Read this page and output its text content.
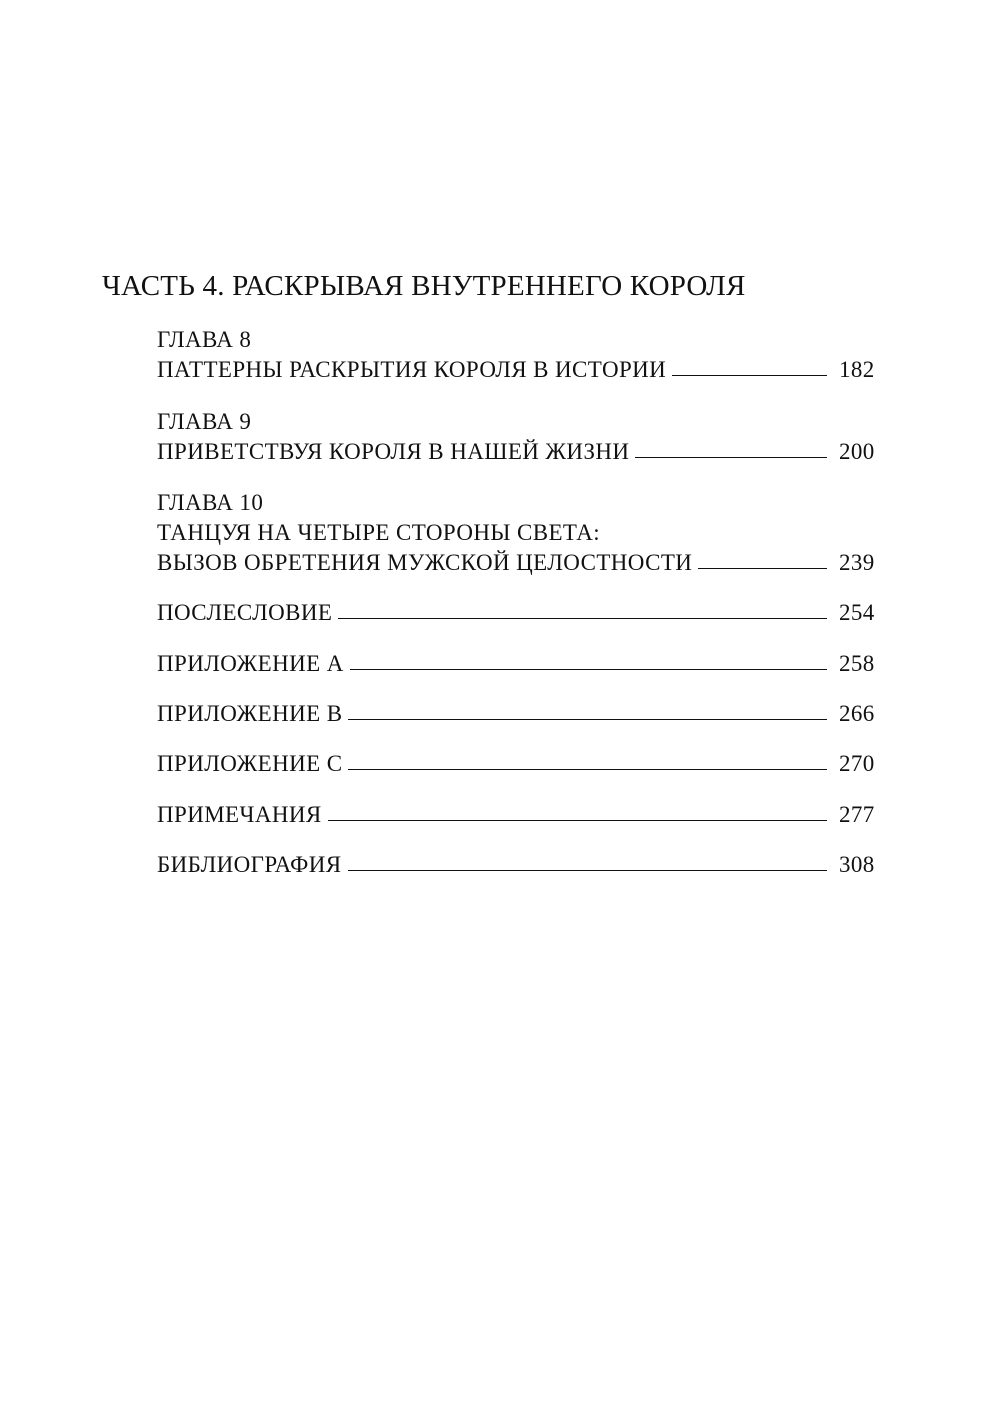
ЧАСТЬ 4. РАСКРЫВАЯ ВНУТРЕННЕГО КОРОЛЯ
ГЛАВА 8
ПАТТЕРНЫ РАСКРЫТИЯ КОРОЛЯ В ИСТОРИИ	182
ГЛАВА 9
ПРИВЕТСТВУЯ КОРОЛЯ В НАШЕЙ ЖИЗНИ	200
ГЛАВА 10
ТАНЦУЯ НА ЧЕТЫРЕ СТОРОНЫ СВЕТА:
ВЫЗОВ ОБРЕТЕНИЯ МУЖСКОЙ ЦЕЛОСТНОСТИ	239
ПОСЛЕСЛОВИЕ	254
ПРИЛОЖЕНИЕ А	258
ПРИЛОЖЕНИЕ B	266
ПРИЛОЖЕНИЕ C	270
ПРИМЕЧАНИЯ	277
БИБЛИОГРАФИЯ	308
